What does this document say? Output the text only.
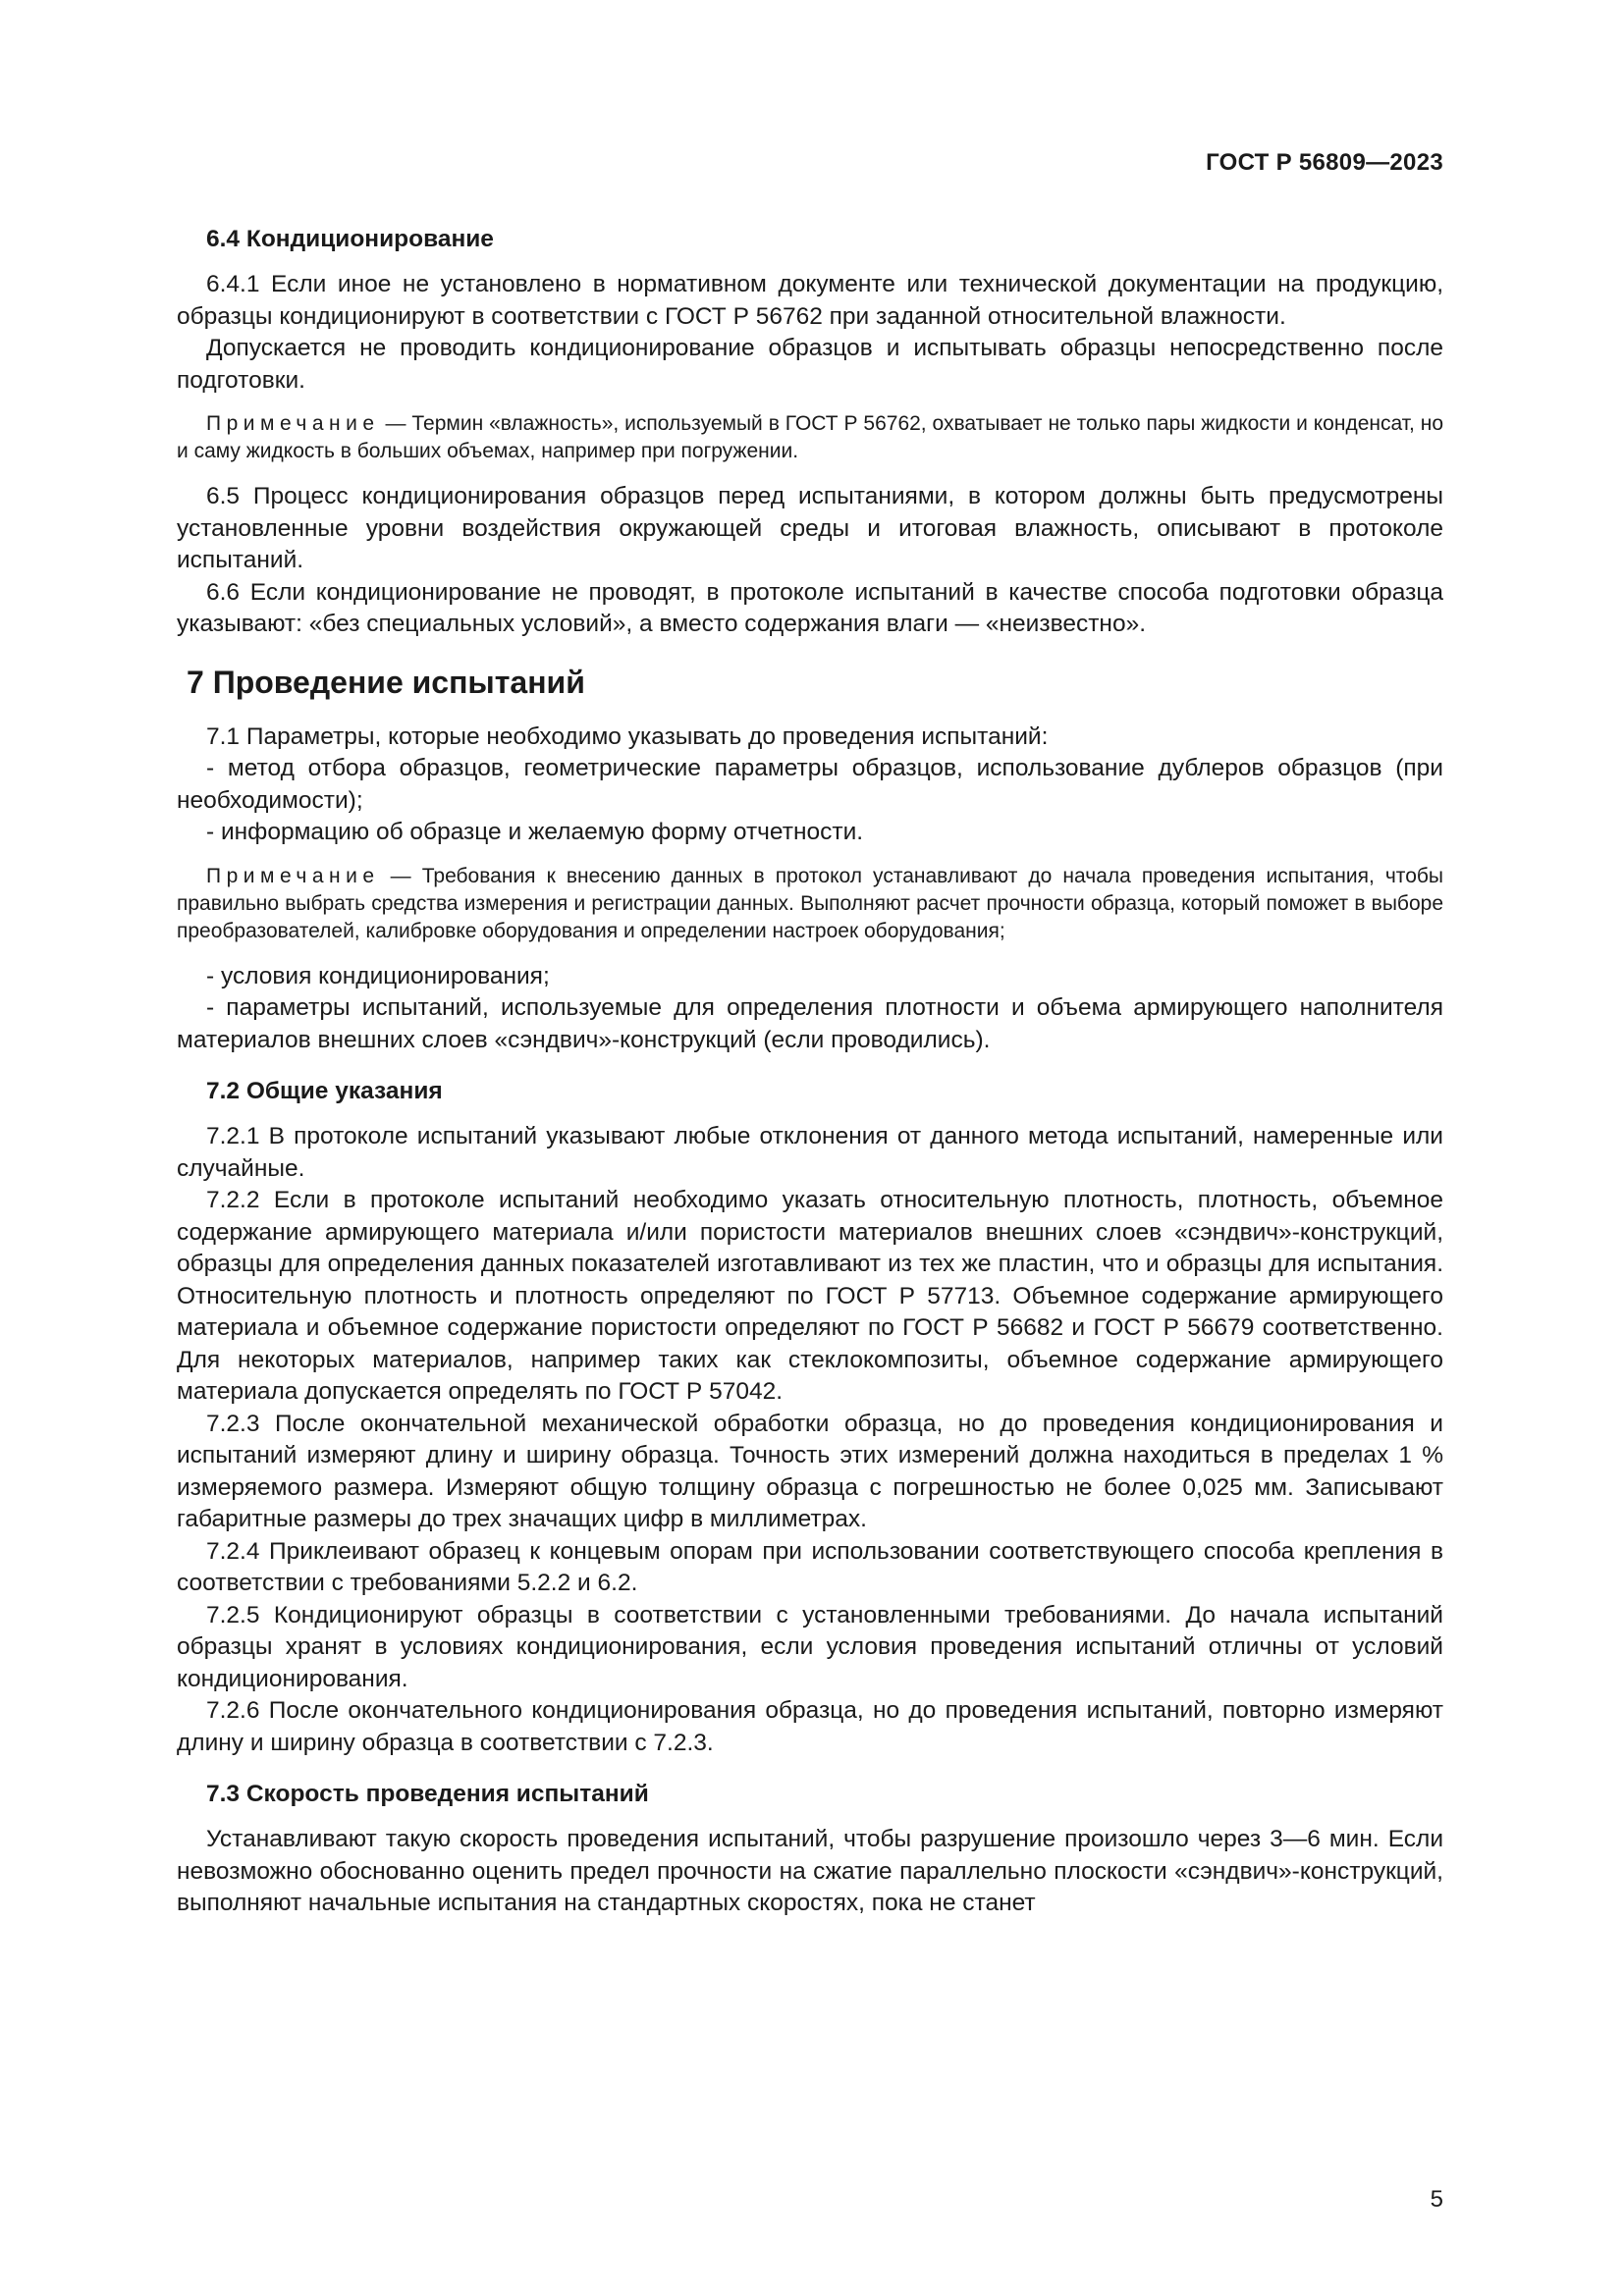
ГОСТ Р 56809—2023
6.4 Кондиционирование

6.4.1 Если иное не установлено в нормативном документе или технической документации на продукцию, образцы кондиционируют в соответствии с ГОСТ Р 56762 при заданной относительной влажности.

Допускается не проводить кондиционирование образцов и испытывать образцы непосредственно после подготовки.

Примечание — Термин «влажность», используемый в ГОСТ Р 56762, охватывает не только пары жидкости и конденсат, но и саму жидкость в больших объемах, например при погружении.

6.5 Процесс кондиционирования образцов перед испытаниями, в котором должны быть предусмотрены установленные уровни воздействия окружающей среды и итоговая влажность, описывают в протоколе испытаний.

6.6 Если кондиционирование не проводят, в протоколе испытаний в качестве способа подготовки образца указывают: «без специальных условий», а вместо содержания влаги — «неизвестно».

7 Проведение испытаний

7.1 Параметры, которые необходимо указывать до проведения испытаний:

- метод отбора образцов, геометрические параметры образцов, использование дублеров образцов (при необходимости);

- информацию об образце и желаемую форму отчетности.

Примечание — Требования к внесению данных в протокол устанавливают до начала проведения испытания, чтобы правильно выбрать средства измерения и регистрации данных. Выполняют расчет прочности образца, который поможет в выборе преобразователей, калибровке оборудования и определении настроек оборудования;

- условия кондиционирования;

- параметры испытаний, используемые для определения плотности и объема армирующего наполнителя материалов внешних слоев «сэндвич»-конструкций (если проводились).

7.2 Общие указания

7.2.1 В протоколе испытаний указывают любые отклонения от данного метода испытаний, намеренные или случайные.

7.2.2 Если в протоколе испытаний необходимо указать относительную плотность, плотность, объемное содержание армирующего материала и/или пористости материалов внешних слоев «сэндвич»-конструкций, образцы для определения данных показателей изготавливают из тех же пластин, что и образцы для испытания. Относительную плотность и плотность определяют по ГОСТ Р 57713. Объемное содержание армирующего материала и объемное содержание пористости определяют по ГОСТ Р 56682 и ГОСТ Р 56679 соответственно. Для некоторых материалов, например таких как стеклокомпозиты, объемное содержание армирующего материала допускается определять по ГОСТ Р 57042.

7.2.3 После окончательной механической обработки образца, но до проведения кондиционирования и испытаний измеряют длину и ширину образца. Точность этих измерений должна находиться в пределах 1 % измеряемого размера. Измеряют общую толщину образца с погрешностью не более 0,025 мм. Записывают габаритные размеры до трех значащих цифр в миллиметрах.

7.2.4 Приклеивают образец к концевым опорам при использовании соответствующего способа крепления в соответствии с требованиями 5.2.2 и 6.2.

7.2.5 Кондиционируют образцы в соответствии с установленными требованиями. До начала испытаний образцы хранят в условиях кондиционирования, если условия проведения испытаний отличны от условий кондиционирования.

7.2.6 После окончательного кондиционирования образца, но до проведения испытаний, повторно измеряют длину и ширину образца в соответствии с 7.2.3.

7.3 Скорость проведения испытаний

Устанавливают такую скорость проведения испытаний, чтобы разрушение произошло через 3—6 мин. Если невозможно обоснованно оценить предел прочности на сжатие параллельно плоскости «сэндвич»-конструкций, выполняют начальные испытания на стандартных скоростях, пока не станет

5
